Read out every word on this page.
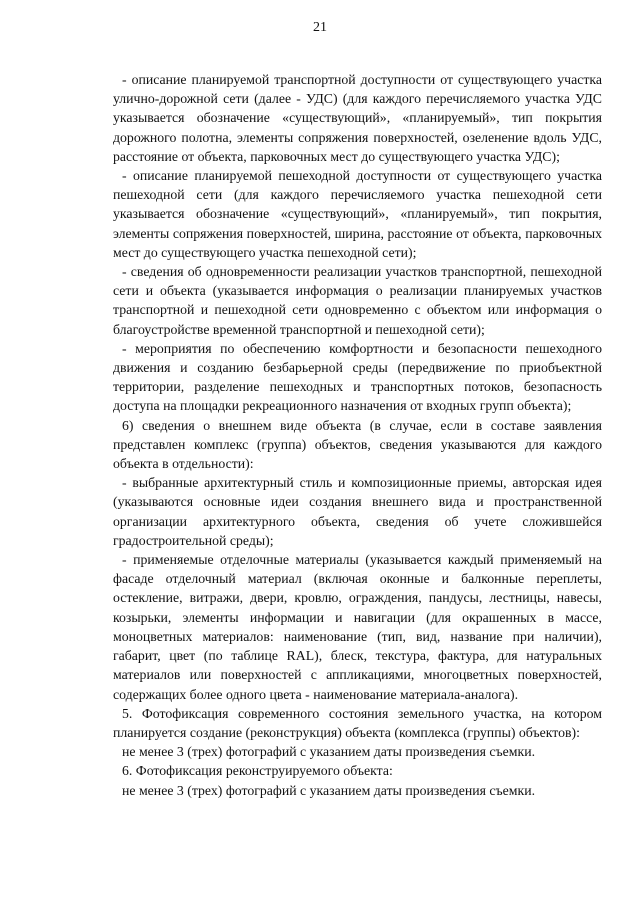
21

- описание планируемой транспортной доступности от существующего участка улично-дорожной сети (далее - УДС) (для каждого перечисляемого участка УДС указывается обозначение «существующий», «планируемый», тип покрытия дорожного полотна, элементы сопряжения поверхностей, озеленение вдоль УДС, расстояние от объекта, парковочных мест до существующего участка УДС);

- описание планируемой пешеходной доступности от существующего участка пешеходной сети (для каждого перечисляемого участка пешеходной сети указывается обозначение «существующий», «планируемый», тип покрытия, элементы сопряжения поверхностей, ширина, расстояние от объекта, парковочных мест до существующего участка пешеходной сети);

- сведения об одновременности реализации участков транспортной, пешеходной сети и объекта (указывается информация о реализации планируемых участков транспортной и пешеходной сети одновременно с объектом или информация о благоустройстве временной транспортной и пешеходной сети);

- мероприятия по обеспечению комфортности и безопасности пешеходного движения и созданию безбарьерной среды (передвижение по приобъектной территории, разделение пешеходных и транспортных потоков, безопасность доступа на площадки рекреационного назначения от входных групп объекта);

6) сведения о внешнем виде объекта (в случае, если в составе заявления представлен комплекс (группа) объектов, сведения указываются для каждого объекта в отдельности):

- выбранные архитектурный стиль и композиционные приемы, авторская идея (указываются основные идеи создания внешнего вида и пространственной организации архитектурного объекта, сведения об учете сложившейся градостроительной среды);

- применяемые отделочные материалы (указывается каждый применяемый на фасаде отделочный материал (включая оконные и балконные переплеты, остекление, витражи, двери, кровлю, ограждения, пандусы, лестницы, навесы, козырьки, элементы информации и навигации (для окрашенных в массе, моноцветных материалов: наименование (тип, вид, название при наличии), габарит, цвет (по таблице RAL), блеск, текстура, фактура, для натуральных материалов или поверхностей с аппликациями, многоцветных поверхностей, содержащих более одного цвета - наименование материала-аналога).

5. Фотофиксация современного состояния земельного участка, на котором планируется создание (реконструкция) объекта (комплекса (группы) объектов):

не менее 3 (трех) фотографий с указанием даты произведения съемки.

6. Фотофиксация реконструируемого объекта:

не менее 3 (трех) фотографий с указанием даты произведения съемки.
